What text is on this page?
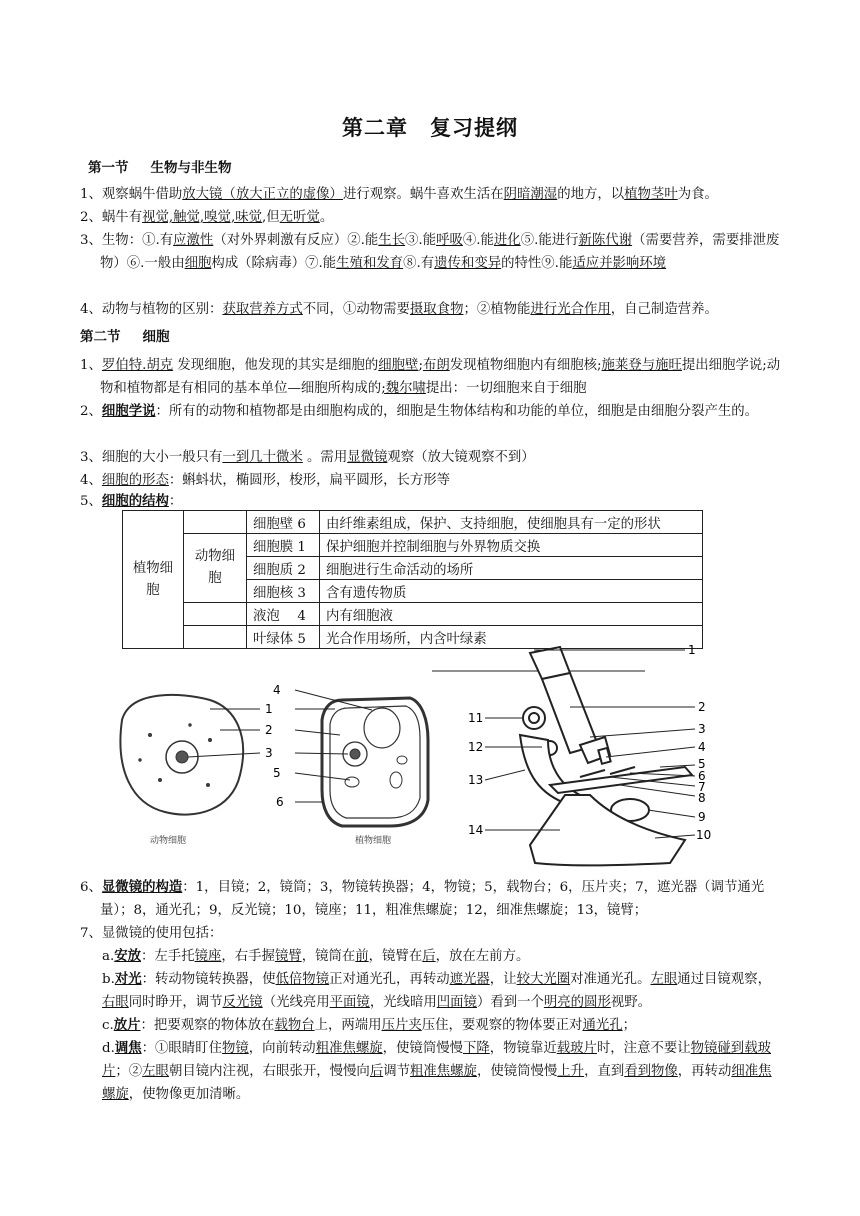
第二章　复习提纲
第一节 生物与非生物
1、观察蜗牛借助放大镜（放大正立的虚像）进行观察。蜗牛喜欢生活在阴暗潮湿的地方，以植物茎叶为食。
2、蜗牛有视觉,触觉,嗅觉,味觉,但无听觉。
3、生物：①.有应激性（对外界刺激有反应）②.能生长③.能呼吸④.能进化⑤.能进行新陈代谢（需要营养，需要排泄废物）⑥.一般由细胞构成（除病毒）⑦.能生殖和发育⑧.有遗传和变异的特性⑨.能适应并影响环境
4、动物与植物的区别：获取营养方式不同，①动物需要摄取食物；②植物能进行光合作用，自己制造营养。
第二节 细胞
1、罗伯特.胡克 发现细胞，他发现的其实是细胞的细胞壁;布朗发现植物细胞内有细胞核;施莱登与施旺提出细胞学说;动物和植物都是有相同的基本单位—细胞所构成的;魏尔啸提出：一切细胞来自于细胞
2、细胞学说：所有的动物和植物都是由细胞构成的，细胞是生物体结构和功能的单位，细胞是由细胞分裂产生的。
3、细胞的大小一般只有一到几十微米 。需用显微镜观察（放大镜观察不到）
4、细胞的形态：蝌蚪状，椭圆形，梭形，扁平圆形，长方形等
5、细胞的结构：
植物细胞		细胞壁 6	由纤维素组成，保护、支持细胞，使细胞具有一定的形状
	动物细胞	细胞膜 1	保护细胞并控制细胞与外界物质交换
		细胞质 2	细胞进行生命活动的场所
		细胞核 3	含有遗传物质
		液泡　 4	内有细胞液
		叶绿体 5	光合作用场所，内含叶绿素
4
1
2
3
5
6
动物细胞	植物细胞
1
2
3
4
5
6
7
8
9
10
11
12
13
14
6、显微镜的构造：1，目镜；2，镜筒；3，物镜转换器；4，物镜；5，载物台；6，压片夹；7，遮光器（调节通光量）；8，通光孔；9，反光镜；10，镜座；11，粗准焦螺旋；12，细准焦螺旋；13，镜臂；
7、显微镜的使用包括：
a.安放：左手托镜座，右手握镜臂，镜筒在前，镜臂在后，放在左前方。
b.对光：转动物镜转换器，使低倍物镜正对通光孔，再转动遮光器，让较大光圈对准通光孔。左眼通过目镜观察，右眼同时睁开，调节反光镜（光线亮用平面镜，光线暗用凹面镜）看到一个明亮的圆形视野。
c.放片：把要观察的物体放在载物台上，两端用压片夹压住，要观察的物体要正对通光孔；
d.调焦：①眼睛盯住物镜，向前转动粗准焦螺旋，使镜筒慢慢下降，物镜靠近载玻片时，注意不要让物镜碰到载玻片；②左眼朝目镜内注视，右眼张开，慢慢向后调节粗准焦螺旋，使镜筒慢慢上升，直到看到物像，再转动细准焦螺旋，使物像更加清晰。
